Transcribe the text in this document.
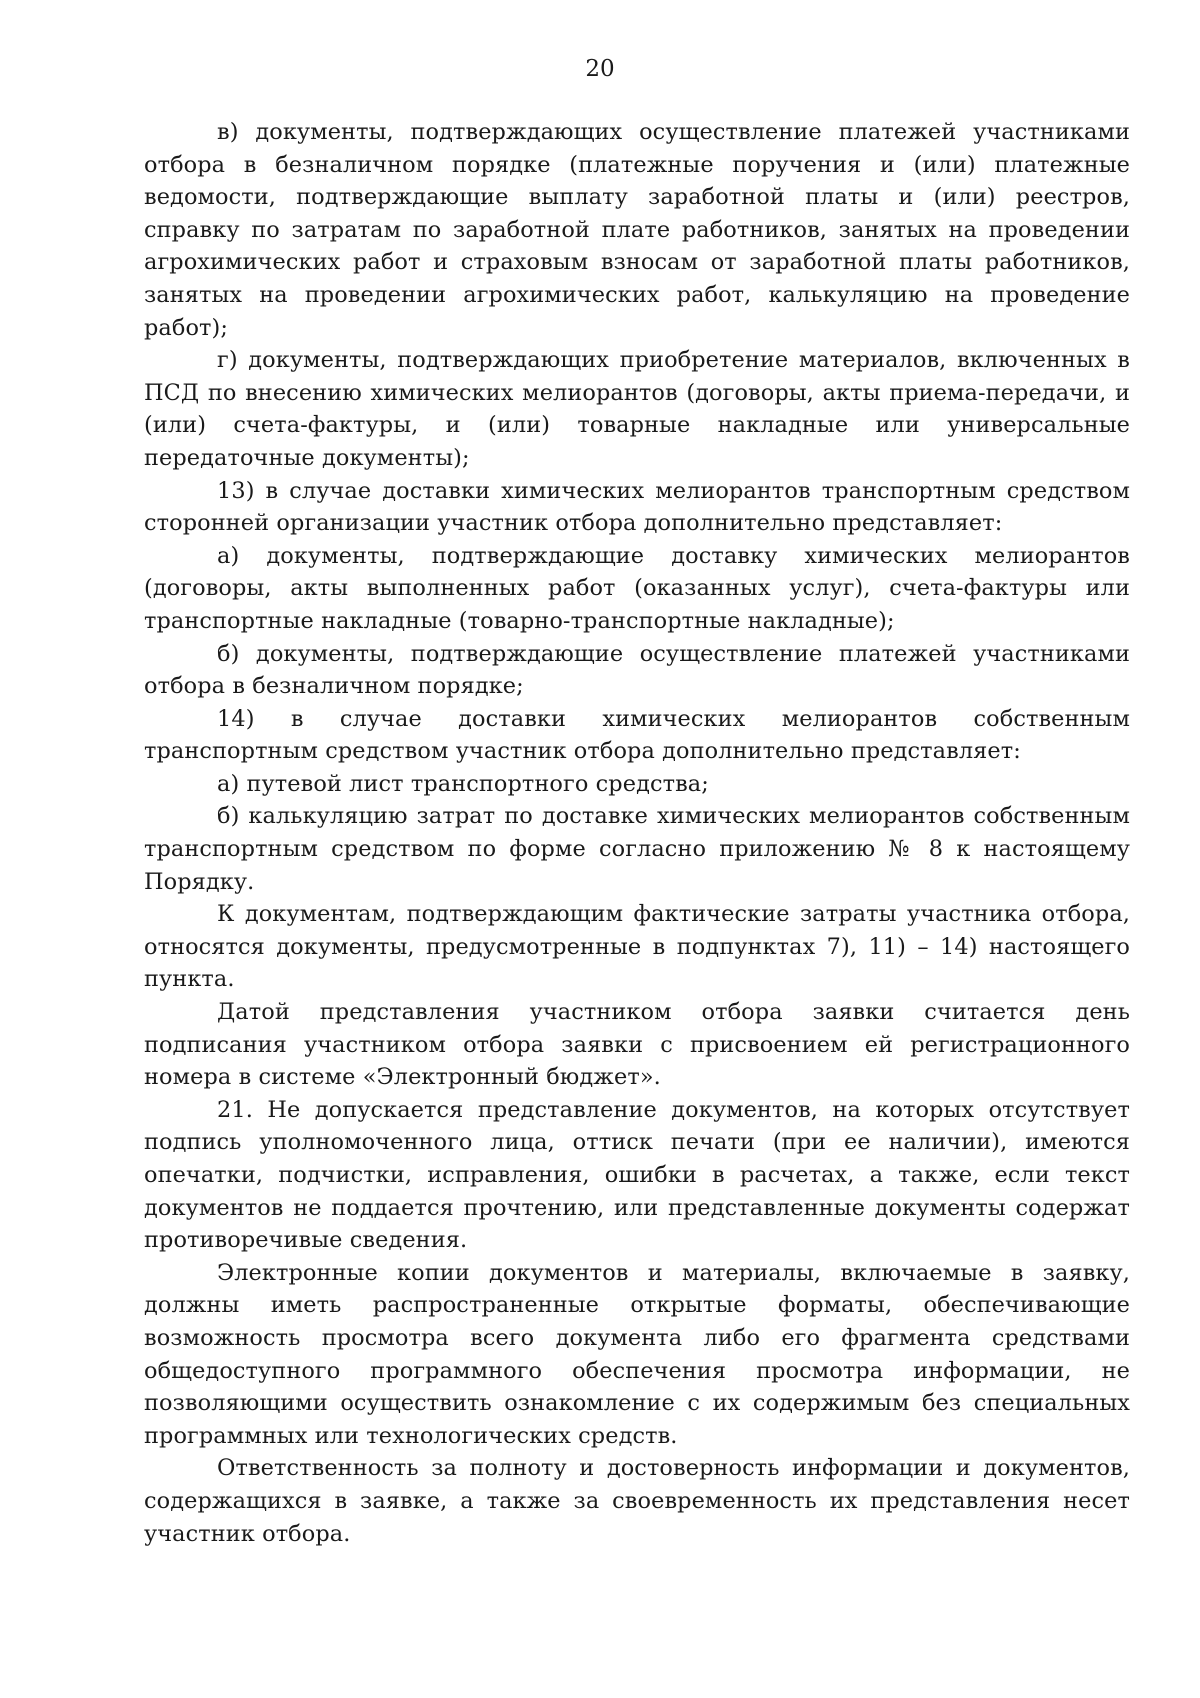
20

в) документы, подтверждающих осуществление платежей участниками отбора в безналичном порядке (платежные поручения и (или) платежные ведомости, подтверждающие выплату заработной платы и (или) реестров, справку по затратам по заработной плате работников, занятых на проведении агрохимических работ и страховым взносам от заработной платы работников, занятых на проведении агрохимических работ, калькуляцию на проведение работ);

г) документы, подтверждающих приобретение материалов, включенных в ПСД по внесению химических мелиорантов (договоры, акты приема-передачи, и (или) счета-фактуры, и (или) товарные накладные или универсальные передаточные документы);

13) в случае доставки химических мелиорантов транспортным средством сторонней организации участник отбора дополнительно представляет:

а) документы, подтверждающие доставку химических мелиорантов (договоры, акты выполненных работ (оказанных услуг), счета-фактуры или транспортные накладные (товарно-транспортные накладные);

б) документы, подтверждающие осуществление платежей участниками отбора в безналичном порядке;

14) в случае доставки химических мелиорантов собственным транспортным средством участник отбора дополнительно представляет:

а) путевой лист транспортного средства;

б) калькуляцию затрат по доставке химических мелиорантов собственным транспортным средством по форме согласно приложению № 8 к настоящему Порядку.

К документам, подтверждающим фактические затраты участника отбора, относятся документы, предусмотренные в подпунктах 7), 11) – 14) настоящего пункта.

Датой представления участником отбора заявки считается день подписания участником отбора заявки с присвоением ей регистрационного номера в системе «Электронный бюджет».

21. Не допускается представление документов, на которых отсутствует подпись уполномоченного лица, оттиск печати (при ее наличии), имеются опечатки, подчистки, исправления, ошибки в расчетах, а также, если текст документов не поддается прочтению, или представленные документы содержат противоречивые сведения.

Электронные копии документов и материалы, включаемые в заявку, должны иметь распространенные открытые форматы, обеспечивающие возможность просмотра всего документа либо его фрагмента средствами общедоступного программного обеспечения просмотра информации, не позволяющими осуществить ознакомление с их содержимым без специальных программных или технологических средств.

Ответственность за полноту и достоверность информации и документов, содержащихся в заявке, а также за своевременность их представления несет участник отбора.
